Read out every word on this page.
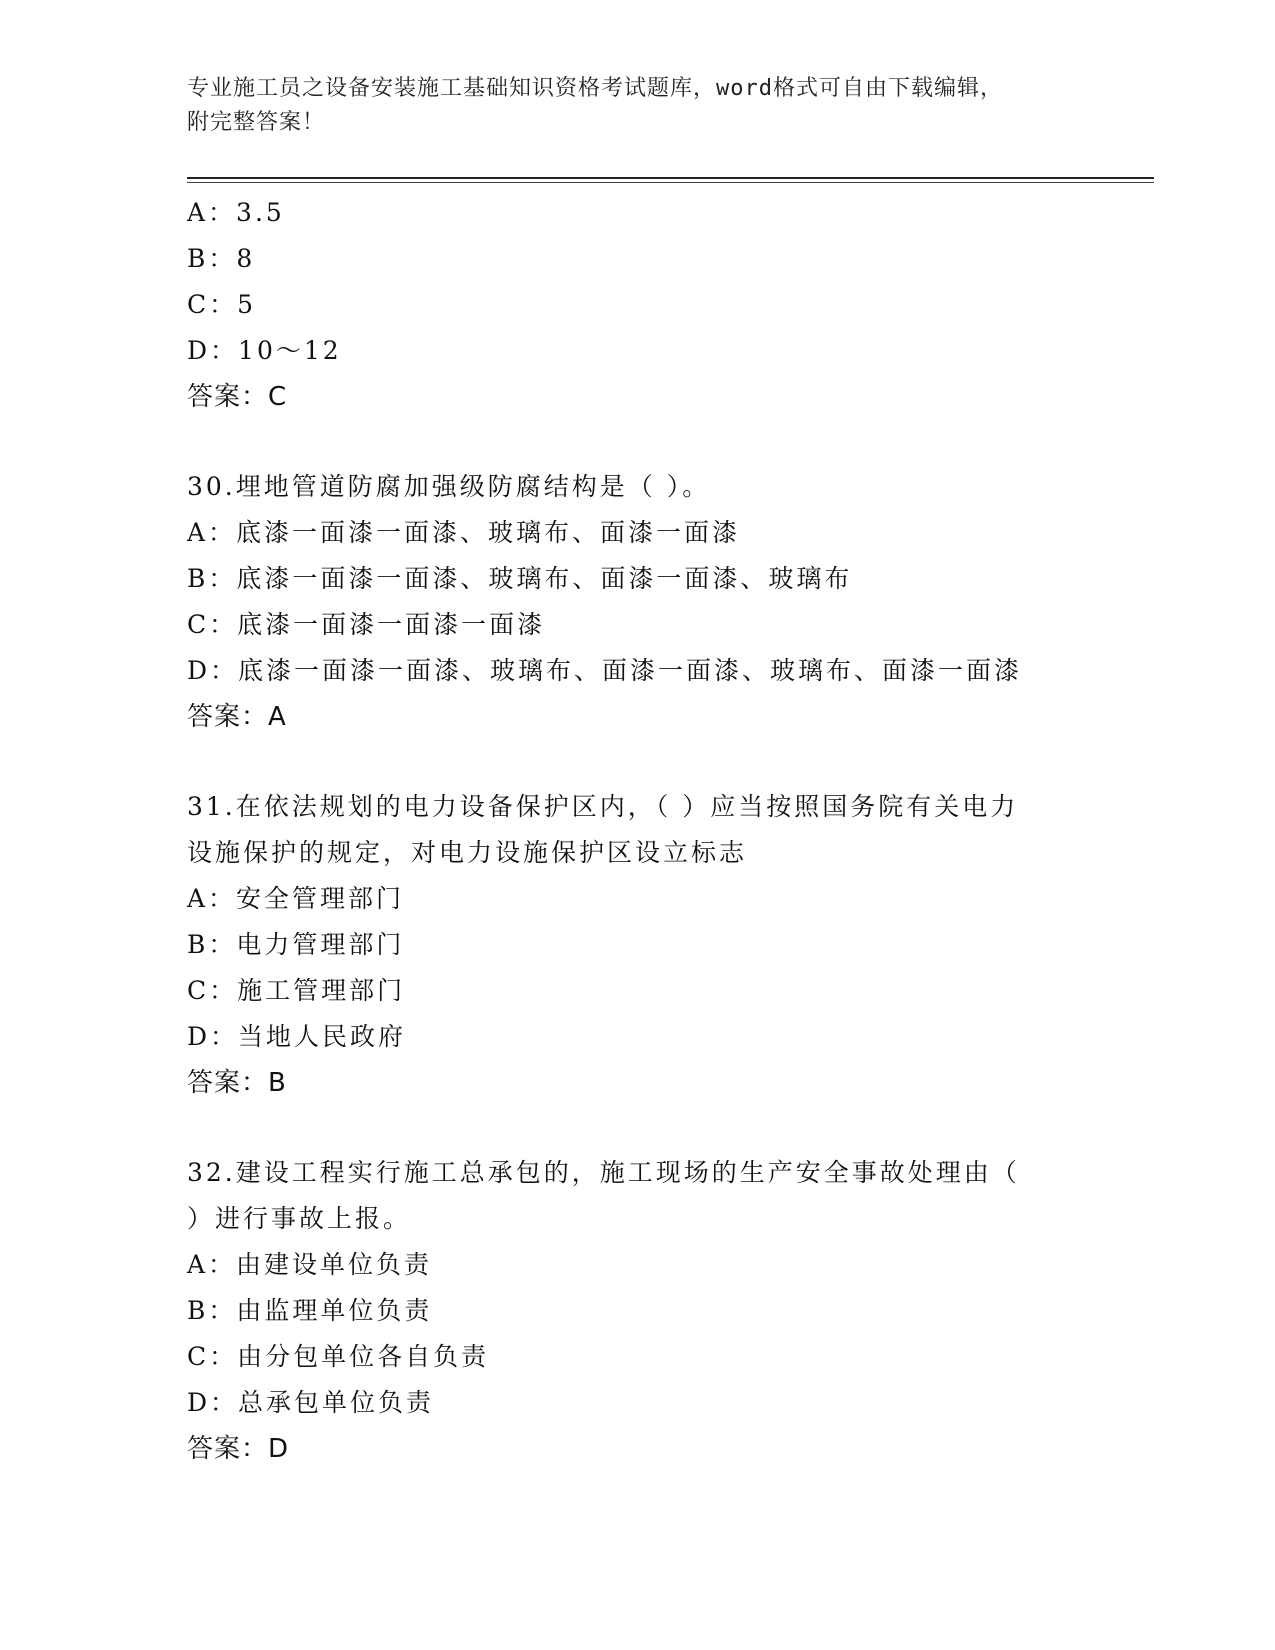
专业施工员之设备安装施工基础知识资格考试题库，word格式可自由下载编辑，
附完整答案！
A：3.5
B：8
C：5
D：10～12
答案：C
30.埋地管道防腐加强级防腐结构是（ ）。
A：底漆一面漆一面漆、玻璃布、面漆一面漆
B：底漆一面漆一面漆、玻璃布、面漆一面漆、玻璃布
C：底漆一面漆一面漆一面漆
D：底漆一面漆一面漆、玻璃布、面漆一面漆、玻璃布、面漆一面漆
答案：A
31.在依法规划的电力设备保护区内，（ ）应当按照国务院有关电力
设施保护的规定，对电力设施保护区设立标志
A：安全管理部门
B：电力管理部门
C：施工管理部门
D：当地人民政府
答案：B
32.建设工程实行施工总承包的，施工现场的生产安全事故处理由（
）进行事故上报。
A：由建设单位负责
B：由监理单位负责
C：由分包单位各自负责
D：总承包单位负责
答案：D
